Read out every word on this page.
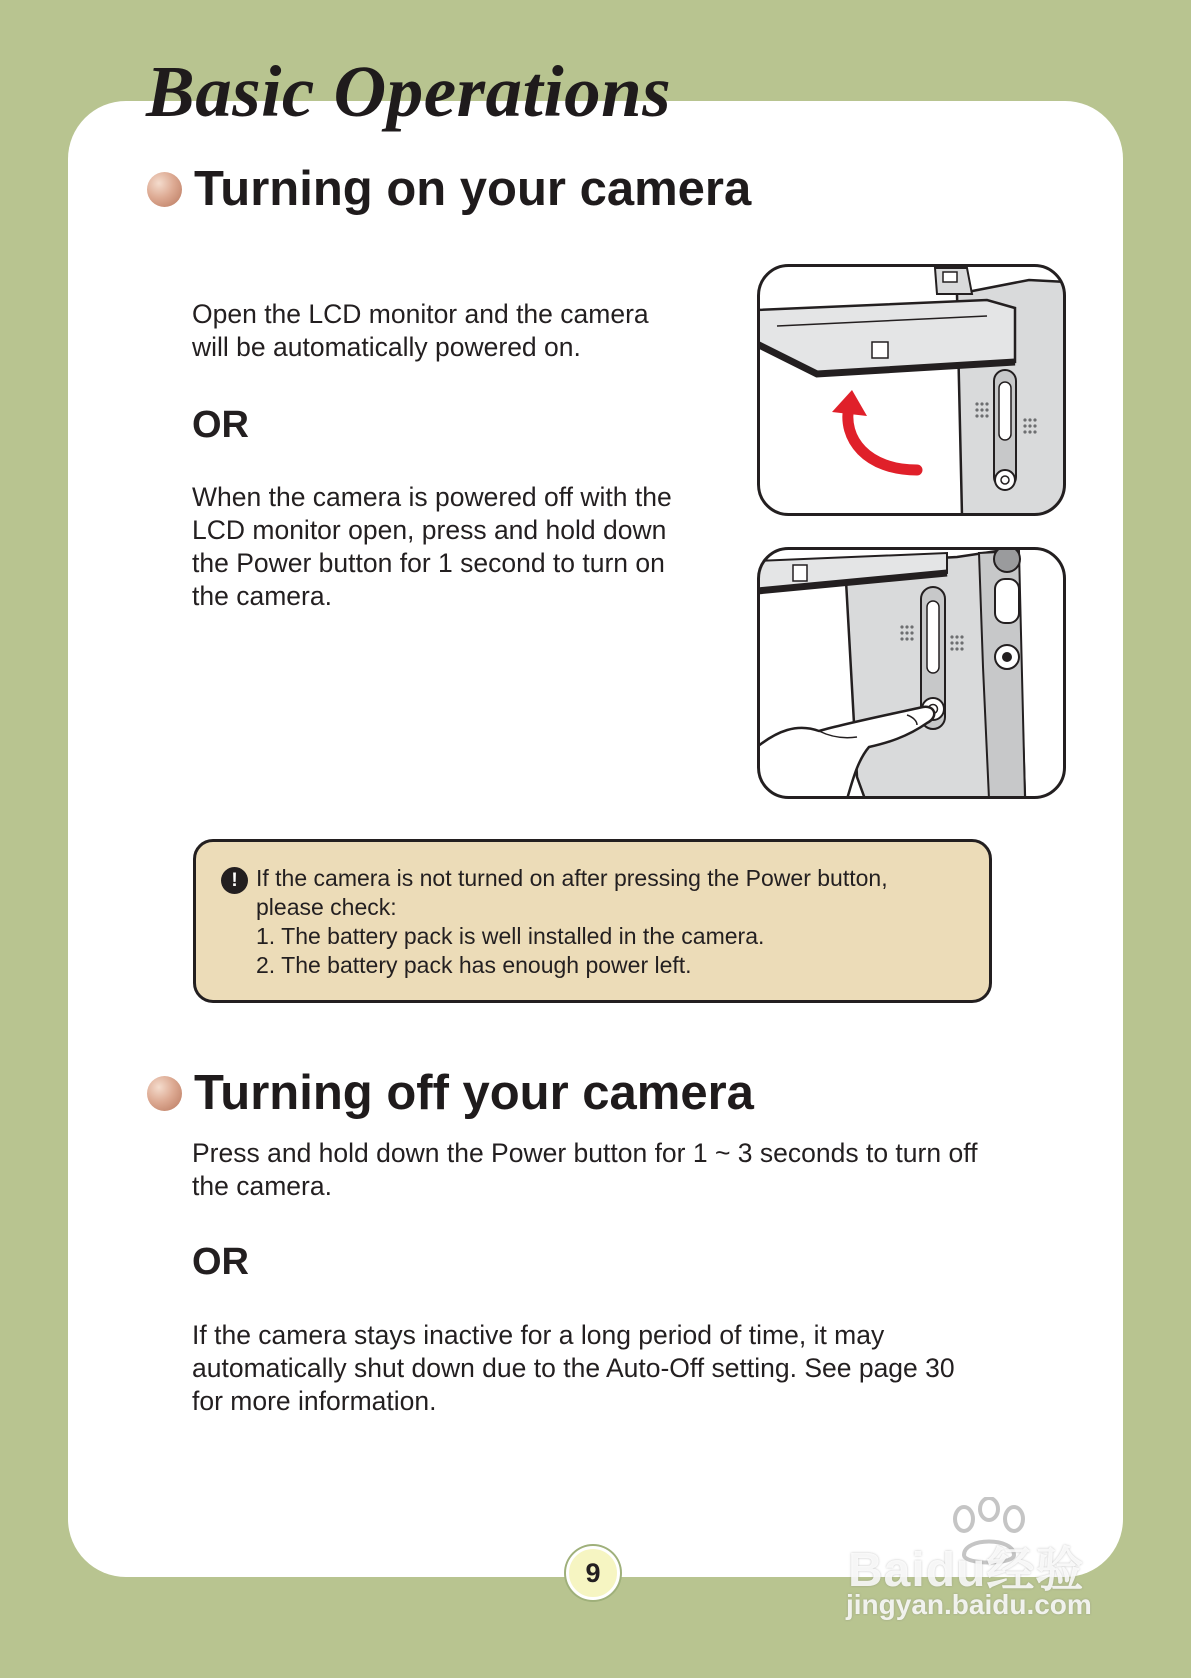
Basic Operations
Turning on your camera

Open the LCD monitor and the camera will be automatically powered on.

OR

When the camera is powered off with the LCD monitor open, press and hold down the Power button for 1 second to turn on the camera.

! If the camera is not turned on after pressing the Power button,

please check:

1. The battery pack is well installed in the camera.

2. The battery pack has enough power left.

Turning off your camera

Press and hold down the Power button for 1 ~ 3 seconds to turn off the camera.

OR

If the camera stays inactive for a long period of time, it may automatically shut down due to the Auto-Off setting. See page 30 for more information.

9	Baidu经验
jingyan.baidu.com
